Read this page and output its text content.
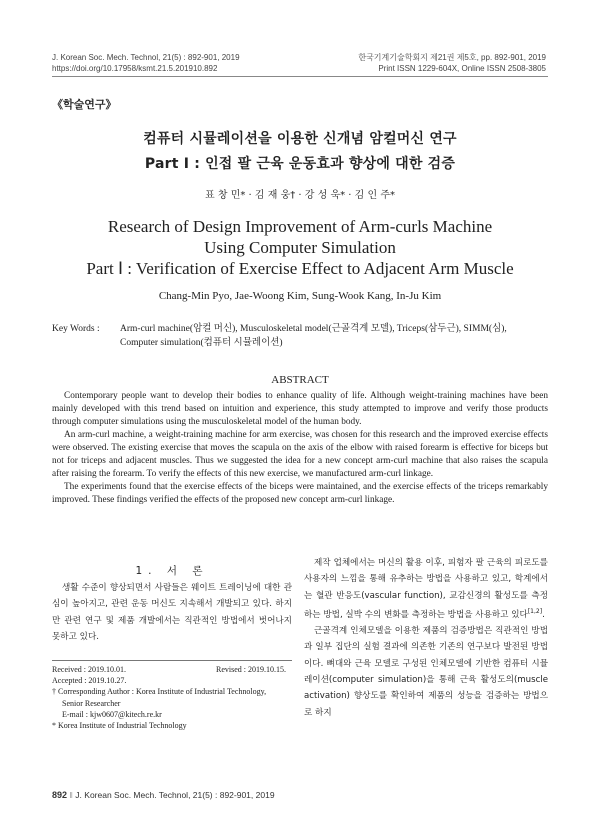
J. Korean Soc. Mech. Technol, 21(5) : 892-901, 2019
https://doi.org/10.17958/ksmt.21.5.201910.892
한국기계기술학회지 제21권 제5호, pp. 892-901, 2019
Print ISSN 1229-604X, Online ISSN 2508-3805
《학술연구》
컴퓨터 시뮬레이션을 이용한 신개념 암컬머신 연구
Part Ⅰ : 인접 팔 근육 운동효과 향상에 대한 검증
표 창 민* · 김 재 웅† · 강 성 욱* · 김 인 주*
Research of Design Improvement of Arm-curls Machine
Using Computer Simulation
Part Ⅰ : Verification of Exercise Effect to Adjacent Arm Muscle
Chang-Min Pyo, Jae-Woong Kim, Sung-Wook Kang, In-Ju Kim
Key Words : Arm-curl machine(암컬 머신), Musculoskeletal model(근골격계 모델), Triceps(삼두근), SIMM(심),
Computer simulation(컴퓨터 시뮬레이션)
ABSTRACT

Contemporary people want to develop their bodies to enhance quality of life. Although weight-training machines have been mainly developed with this trend based on intuition and experience, this study attempted to improve and verify those products through computer simulations using the musculoskeletal model of the human body.

An arm-curl machine, a weight-training machine for arm exercise, was chosen for this research and the improved exercise effects were observed. The existing exercise that moves the scapula on the axis of the elbow with raised forearm is effective for biceps but not for triceps and adjacent muscles. Thus we suggested the idea for a new concept arm-curl machine that also raises the scapula after raising the forearm. To verify the effects of this new exercise, we manufactured arm-curl linkage.

The experiments found that the exercise effects of the biceps were maintained, and the exercise effects of the triceps remarkably improved. These findings verified the effects of the proposed new concept arm-curl linkage.

1. 서 론

생활 수준이 향상되면서 사람들은 웨이트 트레이닝에 대한 관심이 높아지고, 관련 운동 머신도 지속해서 개발되고 있다. 하지만 관련 연구 및 제품 개발에서는 직관적인 방법에서 벗어나지 못하고 있다.

Received : 2019.10.01.	Revised : 2019.10.15.
Accepted : 2019.10.27.
† Corresponding Author : Korea Institute of Industrial Technology,
Senior Researcher
E-mail : kjw0607@kitech.re.kr
* Korea Institute of Industrial Technology

제작 업체에서는 머신의 활용 이후, 피험자 팔 근육의 피로도를 사용자의 느낌을 통해 유추하는 방법을 사용하고 있고, 학계에서는 혈관 반응도(vascular function), 교감신경의 활성도를 측정하는 방법, 실박 수의 변화를 측정하는 방법을 사용하고 있다[1,2].

근골격계 인체모델을 이용한 제품의 검증방법은 직관적인 방법과 일부 집단의 실험 결과에 의존한 기존의 연구보다 발전된 방법이다. 뼈대와 근육 모델로 구성된 인체모델에 기반한 컴퓨터 시뮬레이션(computer simulation)을 통해 근육 활성도의(muscle activation) 향상도를 확인하여 제품의 성능을 검증하는 방법으로 하지

892 ‖ J. Korean Soc. Mech. Technol, 21(5) : 892-901, 2019
